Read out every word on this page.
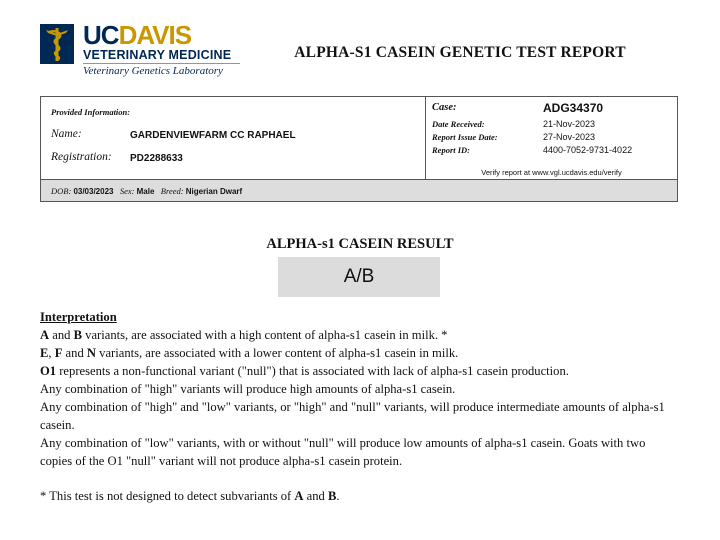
UCDAVIS
VETERINARY MEDICINE
Veterinary Genetics Laboratory
ALPHA-S1 CASEIN GENETIC TEST REPORT
Provided Information:
Name:	GARDENVIEWFARM CC RAPHAEL
Registration: PD2288633
Case:	ADG34370
Date Received:	21-Nov-2023
Report Issue Date:	27-Nov-2023
Report ID:	4400-7052-9731-4022
Verify report at www.vgl.ucdavis.edu/verify
DOB: 03/03/2023 Sex: Male Breed: Nigerian Dwarf
ALPHA-s1 CASEIN RESULT
A/B

Interpretation

A and B variants, are associated with a high content of alpha-s1 casein in milk. *

E, F and N variants, are associated with a lower content of alpha-s1 casein in milk.

O1 represents a non-functional variant ("null") that is associated with lack of alpha-s1 casein production.

Any combination of "high" variants will produce high amounts of alpha-s1 casein.

Any combination of "high" and "low" variants, or "high" and "null" variants, will produce intermediate amounts of alpha-s1 casein.

Any combination of "low" variants, with or without "null" will produce low amounts of alpha-s1 casein. Goats with two copies of the O1 "null" variant will not produce alpha-s1 casein protein.

* This test is not designed to detect subvariants of A and B.
